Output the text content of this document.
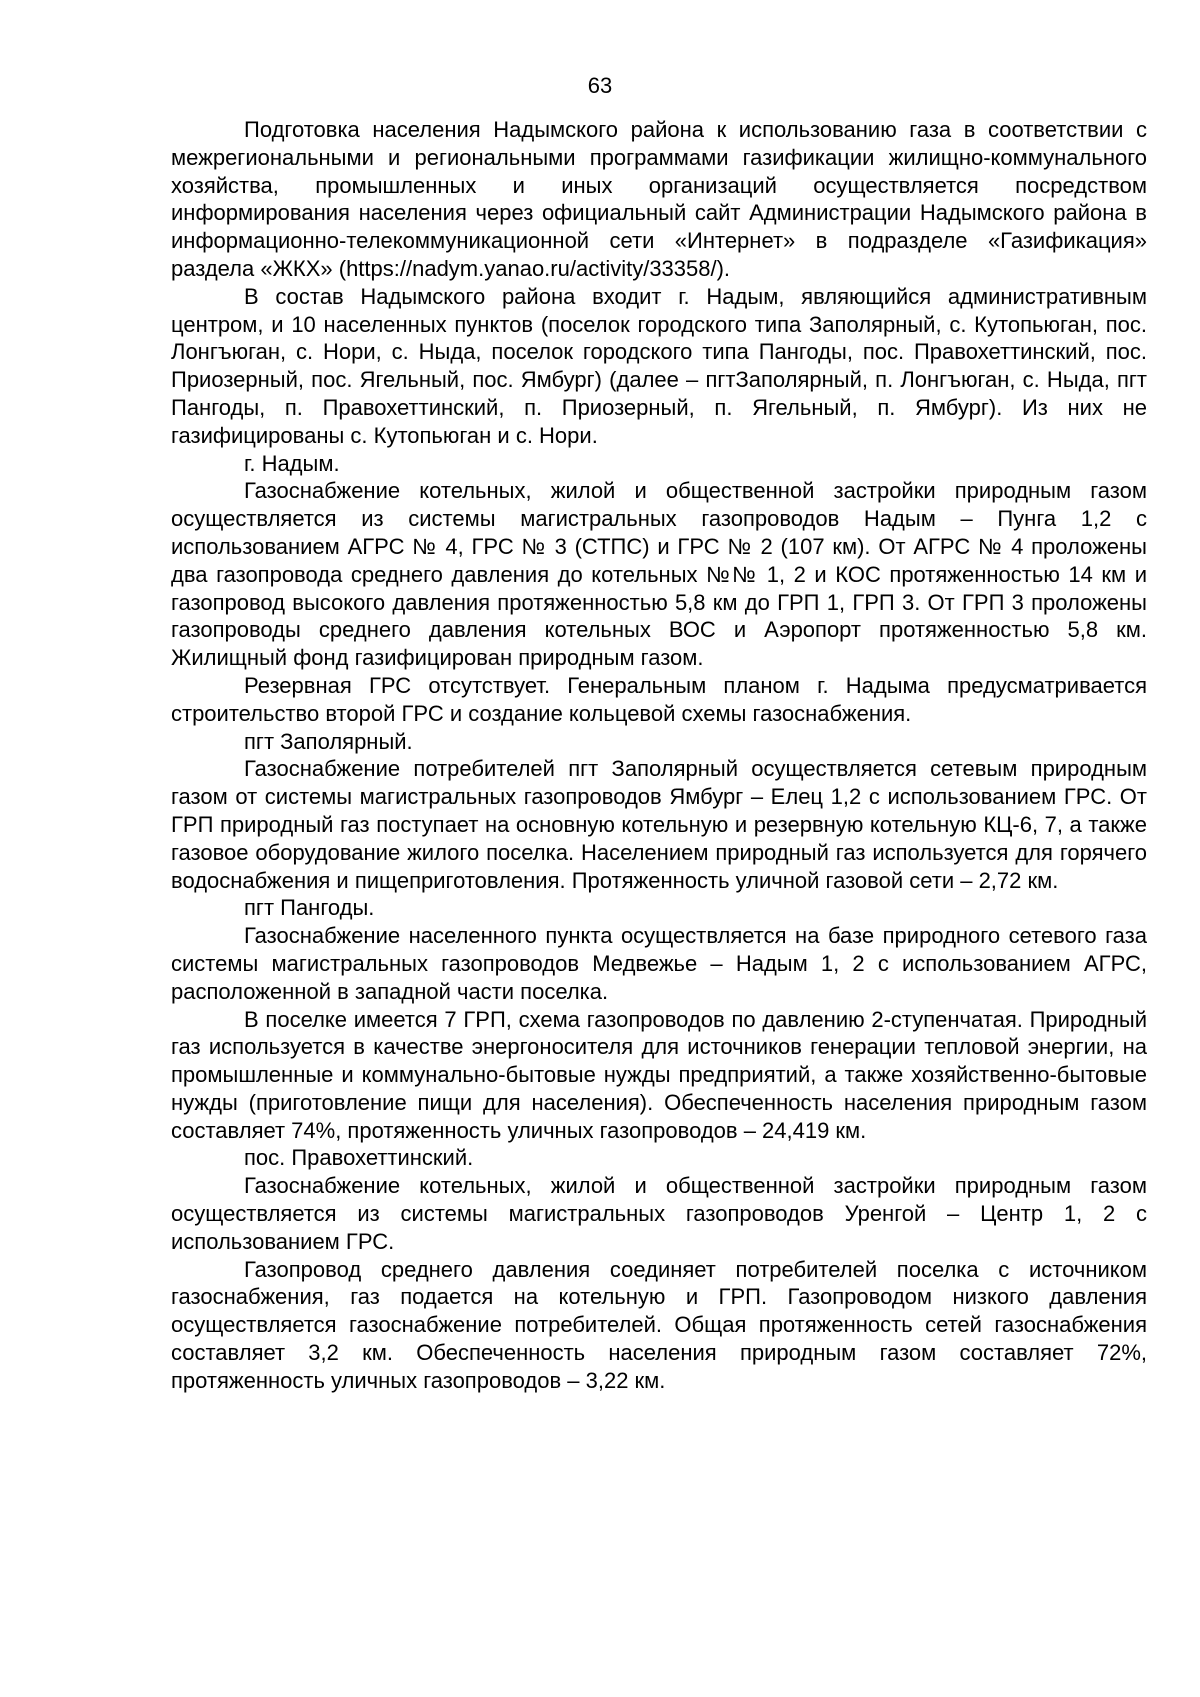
63

Подготовка населения Надымского района к использованию газа в соответствии с межрегиональными и региональными программами газификации жилищно-коммунального хозяйства, промышленных и иных организаций осуществляется посредством информирования населения через официальный сайт Администрации Надымского района в информационно-телекоммуникационной сети «Интернет» в подразделе «Газификация» раздела «ЖКХ» (https://nadym.yanao.ru/activity/33358/).

В состав Надымского района входит г. Надым, являющийся административным центром, и 10 населенных пунктов (поселок городского типа Заполярный, с. Кутопьюган, пос. Лонгъюган, с. Нори, с. Ныда, поселок городского типа Пангоды, пос. Правохеттинский, пос. Приозерный, пос. Ягельный, пос. Ямбург) (далее – пгтЗаполярный, п. Лонгъюган, с. Ныда, пгт Пангоды, п. Правохеттинский, п. Приозерный, п. Ягельный, п. Ямбург). Из них не газифицированы с. Кутопьюган и с. Нори.

г. Надым.

Газоснабжение котельных, жилой и общественной застройки природным газом осуществляется из системы магистральных газопроводов Надым – Пунга 1,2 с использованием АГРС № 4, ГРС № 3 (СТПС) и ГРС № 2 (107 км). От АГРС № 4 проложены два газопровода среднего давления до котельных №№ 1, 2 и КОС протяженностью 14 км и газопровод высокого давления протяженностью 5,8 км до ГРП 1, ГРП 3. От ГРП 3 проложены газопроводы среднего давления котельных ВОС и Аэропорт протяженностью 5,8 км. Жилищный фонд газифицирован природным газом.

Резервная ГРС отсутствует. Генеральным планом г. Надыма предусматривается строительство второй ГРС и создание кольцевой схемы газоснабжения.

пгт Заполярный.

Газоснабжение потребителей пгт Заполярный осуществляется сетевым природным газом от системы магистральных газопроводов Ямбург – Елец 1,2 с использованием ГРС. От ГРП природный газ поступает на основную котельную и резервную котельную КЦ-6, 7, а также газовое оборудование жилого поселка. Населением природный газ используется для горячего водоснабжения и пищеприготовления. Протяженность уличной газовой сети – 2,72 км.

пгт Пангоды.

Газоснабжение населенного пункта осуществляется на базе природного сетевого газа системы магистральных газопроводов Медвежье – Надым 1, 2 с использованием АГРС, расположенной в западной части поселка.

В поселке имеется 7 ГРП, схема газопроводов по давлению 2-ступенчатая. Природный газ используется в качестве энергоносителя для источников генерации тепловой энергии, на промышленные и коммунально-бытовые нужды предприятий, а также хозяйственно-бытовые нужды (приготовление пищи для населения). Обеспеченность населения природным газом составляет 74%, протяженность уличных газопроводов – 24,419 км.

пос. Правохеттинский.

Газоснабжение котельных, жилой и общественной застройки природным газом осуществляется из системы магистральных газопроводов Уренгой – Центр 1, 2 с использованием ГРС.

Газопровод среднего давления соединяет потребителей поселка с источником газоснабжения, газ подается на котельную и ГРП. Газопроводом низкого давления осуществляется газоснабжение потребителей. Общая протяженность сетей газоснабжения составляет 3,2 км. Обеспеченность населения природным газом составляет 72%, протяженность уличных газопроводов – 3,22 км.
